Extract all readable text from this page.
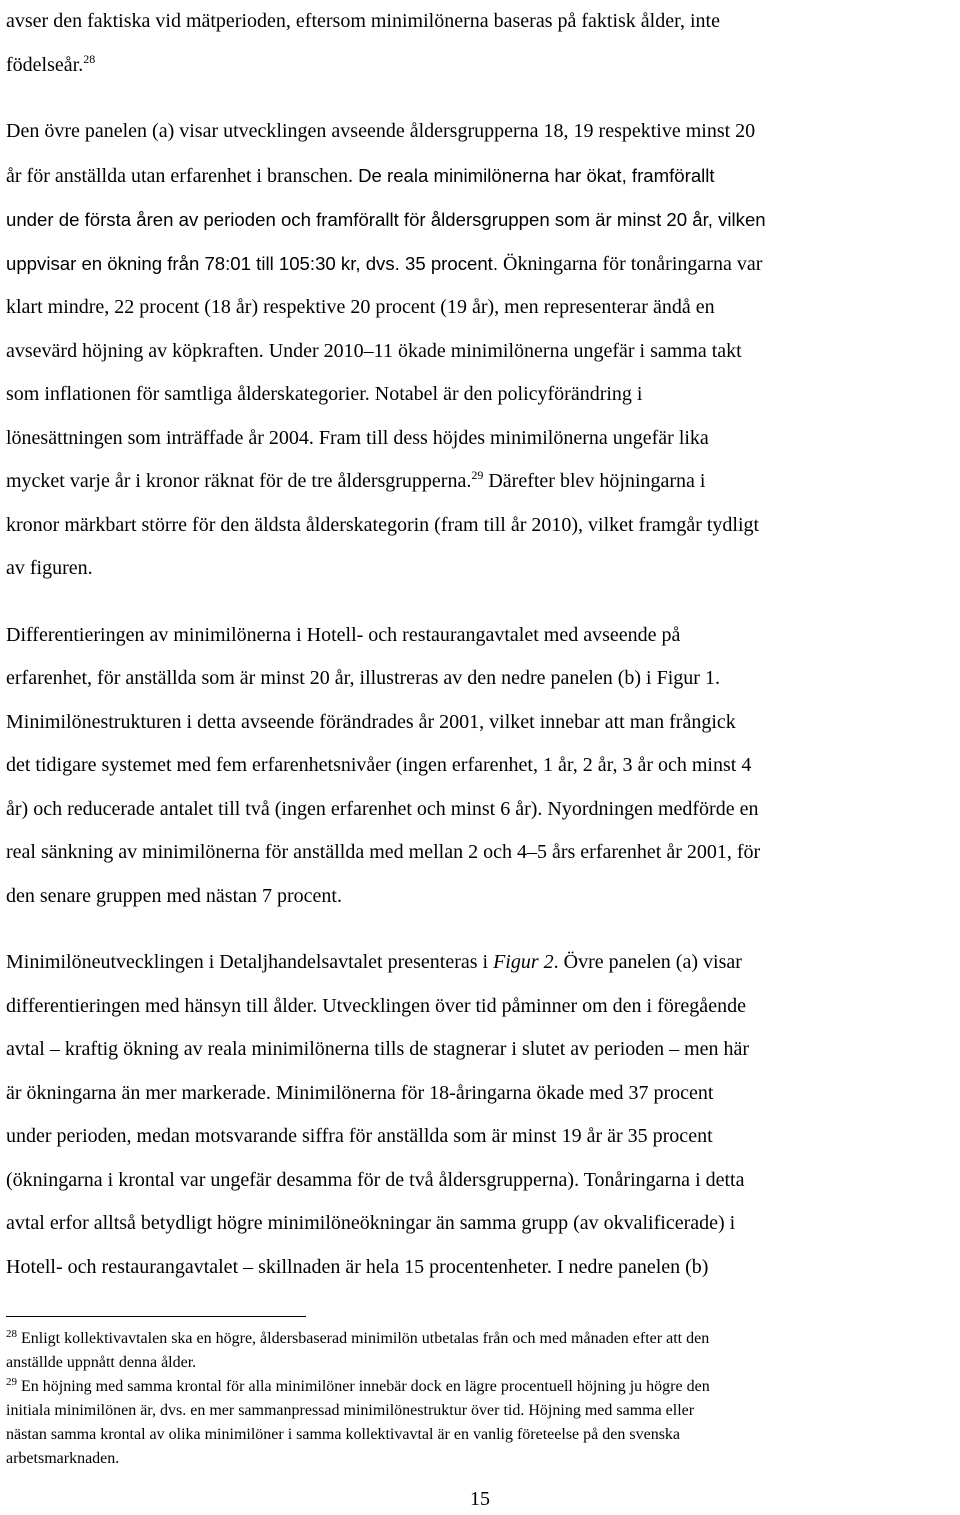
avser den faktiska vid mätperioden, eftersom minimilönerna baseras på faktisk ålder, inte
födelseår.$^{28}$

Den övre panelen (a) visar utvecklingen avseende åldersgrupperna 18, 19 respektive minst 20
år för anställda utan erfarenhet i branschen. De reala minimilönerna har ökat, framförallt
under de första åren av perioden och framförallt för åldersgruppen som är minst 20 år, vilken
uppvisar en ökning från 78:01 till 105:30 kr, dvs. 35 procent. Ökningarna för tonåringarna var
klart mindre, 22 procent (18 år) respektive 20 procent (19 år), men representerar ändå en
avsevärd höjning av köpkraften. Under 2010–11 ökade minimilönerna ungefär i samma takt
som inflationen för samtliga ålderskategorier. Notabel är den policyförändring i
lönesättningen som inträffade år 2004. Fram till dess höjdes minimilönerna ungefär lika
mycket varje år i kronor räknat för de tre åldersgrupperna.$^{29}$ Därefter blev höjningarna i
kronor märkbart större för den äldsta ålderskategorin (fram till år 2010), vilket framgår tydligt
av figuren.

Differentieringen av minimilönerna i Hotell- och restaurangavtalet med avseende på
erfarenhet, för anställda som är minst 20 år, illustreras av den nedre panelen (b) i Figur 1.
Minimilönestrukturen i detta avseende förändrades år 2001, vilket innebar att man frångick
det tidigare systemet med fem erfarenhetsnivåer (ingen erfarenhet, 1 år, 2 år, 3 år och minst 4
år) och reducerade antalet till två (ingen erfarenhet och minst 6 år). Nyordningen medförde en
real sänkning av minimilönerna för anställda med mellan 2 och 4–5 års erfarenhet år 2001, för
den senare gruppen med nästan 7 procent.

Minimilöneutvecklingen i Detaljhandelsavtalet presenteras i Figur 2. Övre panelen (a) visar
differentieringen med hänsyn till ålder. Utvecklingen över tid påminner om den i föregående
avtal – kraftig ökning av reala minimilönerna tills de stagnerar i slutet av perioden – men här
är ökningarna än mer markerade. Minimilönerna för 18-åringarna ökade med 37 procent
under perioden, medan motsvarande siffra för anställda som är minst 19 år är 35 procent
(ökningarna i krontal var ungefär desamma för de två åldersgrupperna). Tonåringarna i detta
avtal erfor alltså betydligt högre minimilöneökningar än samma grupp (av okvalificerade) i
Hotell- och restaurangavtalet – skillnaden är hela 15 procentenheter. I nedre panelen (b)

$^{28}$ Enligt kollektivavtalen ska en högre, åldersbaserad minimilön utbetalas från och med månaden efter att den
anställde uppnått denna ålder.

$^{29}$ En höjning med samma krontal för alla minimilöner innebär dock en lägre procentuell höjning ju högre den
initiala minimilönen är, dvs. en mer sammanpressad minimilönestruktur över tid. Höjning med samma eller
nästan samma krontal av olika minimilöner i samma kollektivavtal är en vanlig företeelse på den svenska
arbetsmarknaden.

15
